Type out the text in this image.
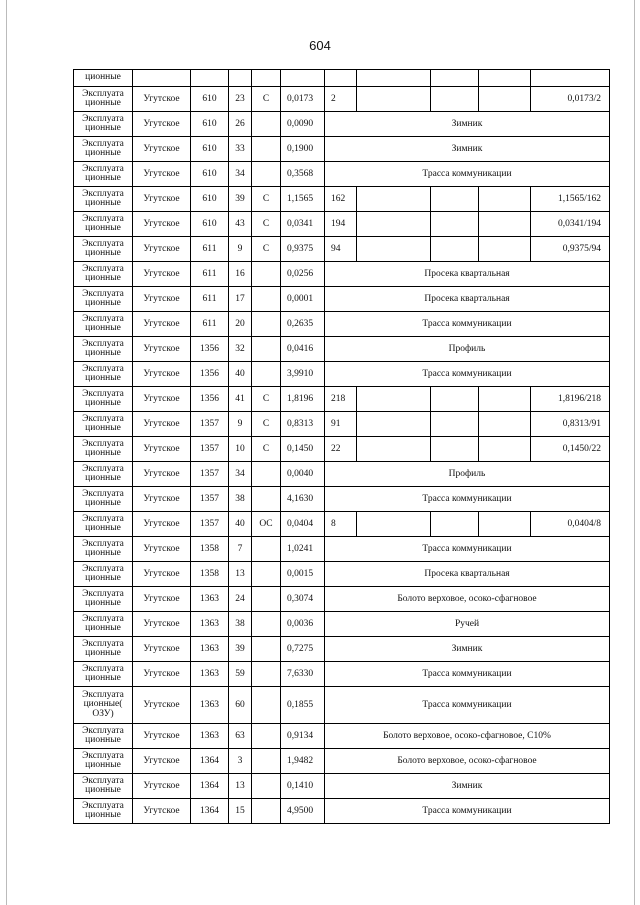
604
ционные										
Эксплуата ционные	Угутское	610	23	С	0,0173	2				0,0173/2
Эксплуата ционные	Угутское	610	26		0,0090	Зимник				
Эксплуата ционные	Угутское	610	33		0,1900	Зимник				
Эксплуата ционные	Угутское	610	34		0,3568	Трасса коммуникации				
Эксплуата ционные	Угутское	610	39	С	1,1565	162				1,1565/162
Эксплуата ционные	Угутское	610	43	С	0,0341	194				0,0341/194
Эксплуата ционные	Угутское	611	9	С	0,9375	94				0,9375/94
Эксплуата ционные	Угутское	611	16		0,0256	Просека квартальная				
Эксплуата ционные	Угутское	611	17		0,0001	Просека квартальная				
Эксплуата ционные	Угутское	611	20		0,2635	Трасса коммуникации				
Эксплуата ционные	Угутское	1356	32		0,0416	Профиль				
Эксплуата ционные	Угутское	1356	40		3,9910	Трасса коммуникации				
Эксплуата ционные	Угутское	1356	41	С	1,8196	218				1,8196/218
Эксплуата ционные	Угутское	1357	9	С	0,8313	91				0,8313/91
Эксплуата ционные	Угутское	1357	10	С	0,1450	22				0,1450/22
Эксплуата ционные	Угутское	1357	34		0,0040	Профиль				
Эксплуата ционные	Угутское	1357	38		4,1630	Трасса коммуникации				
Эксплуата ционные	Угутское	1357	40	ОС	0,0404	8				0,0404/8
Эксплуата ционные	Угутское	1358	7		1,0241	Трасса коммуникации				
Эксплуата ционные	Угутское	1358	13		0,0015	Просека квартальная				
Эксплуата ционные	Угутское	1363	24		0,3074	Болото верховое, осоко-сфагновое				
Эксплуата ционные	Угутское	1363	38		0,0036	Ручей				
Эксплуата ционные	Угутское	1363	39		0,7275	Зимник				
Эксплуата ционные	Угутское	1363	59		7,6330	Трасса коммуникации				
Эксплуата ционные( ОЗУ)	Угутское	1363	60		0,1855	Трасса коммуникации				
Эксплуата ционные	Угутское	1363	63		0,9134	Болото верховое, осоко-сфагновое, С10%				
Эксплуата ционные	Угутское	1364	3		1,9482	Болото верховое, осоко-сфагновое				
Эксплуата ционные	Угутское	1364	13		0,1410	Зимник				
Эксплуата ционные	Угутское	1364	15		4,9500	Трасса коммуникации				
